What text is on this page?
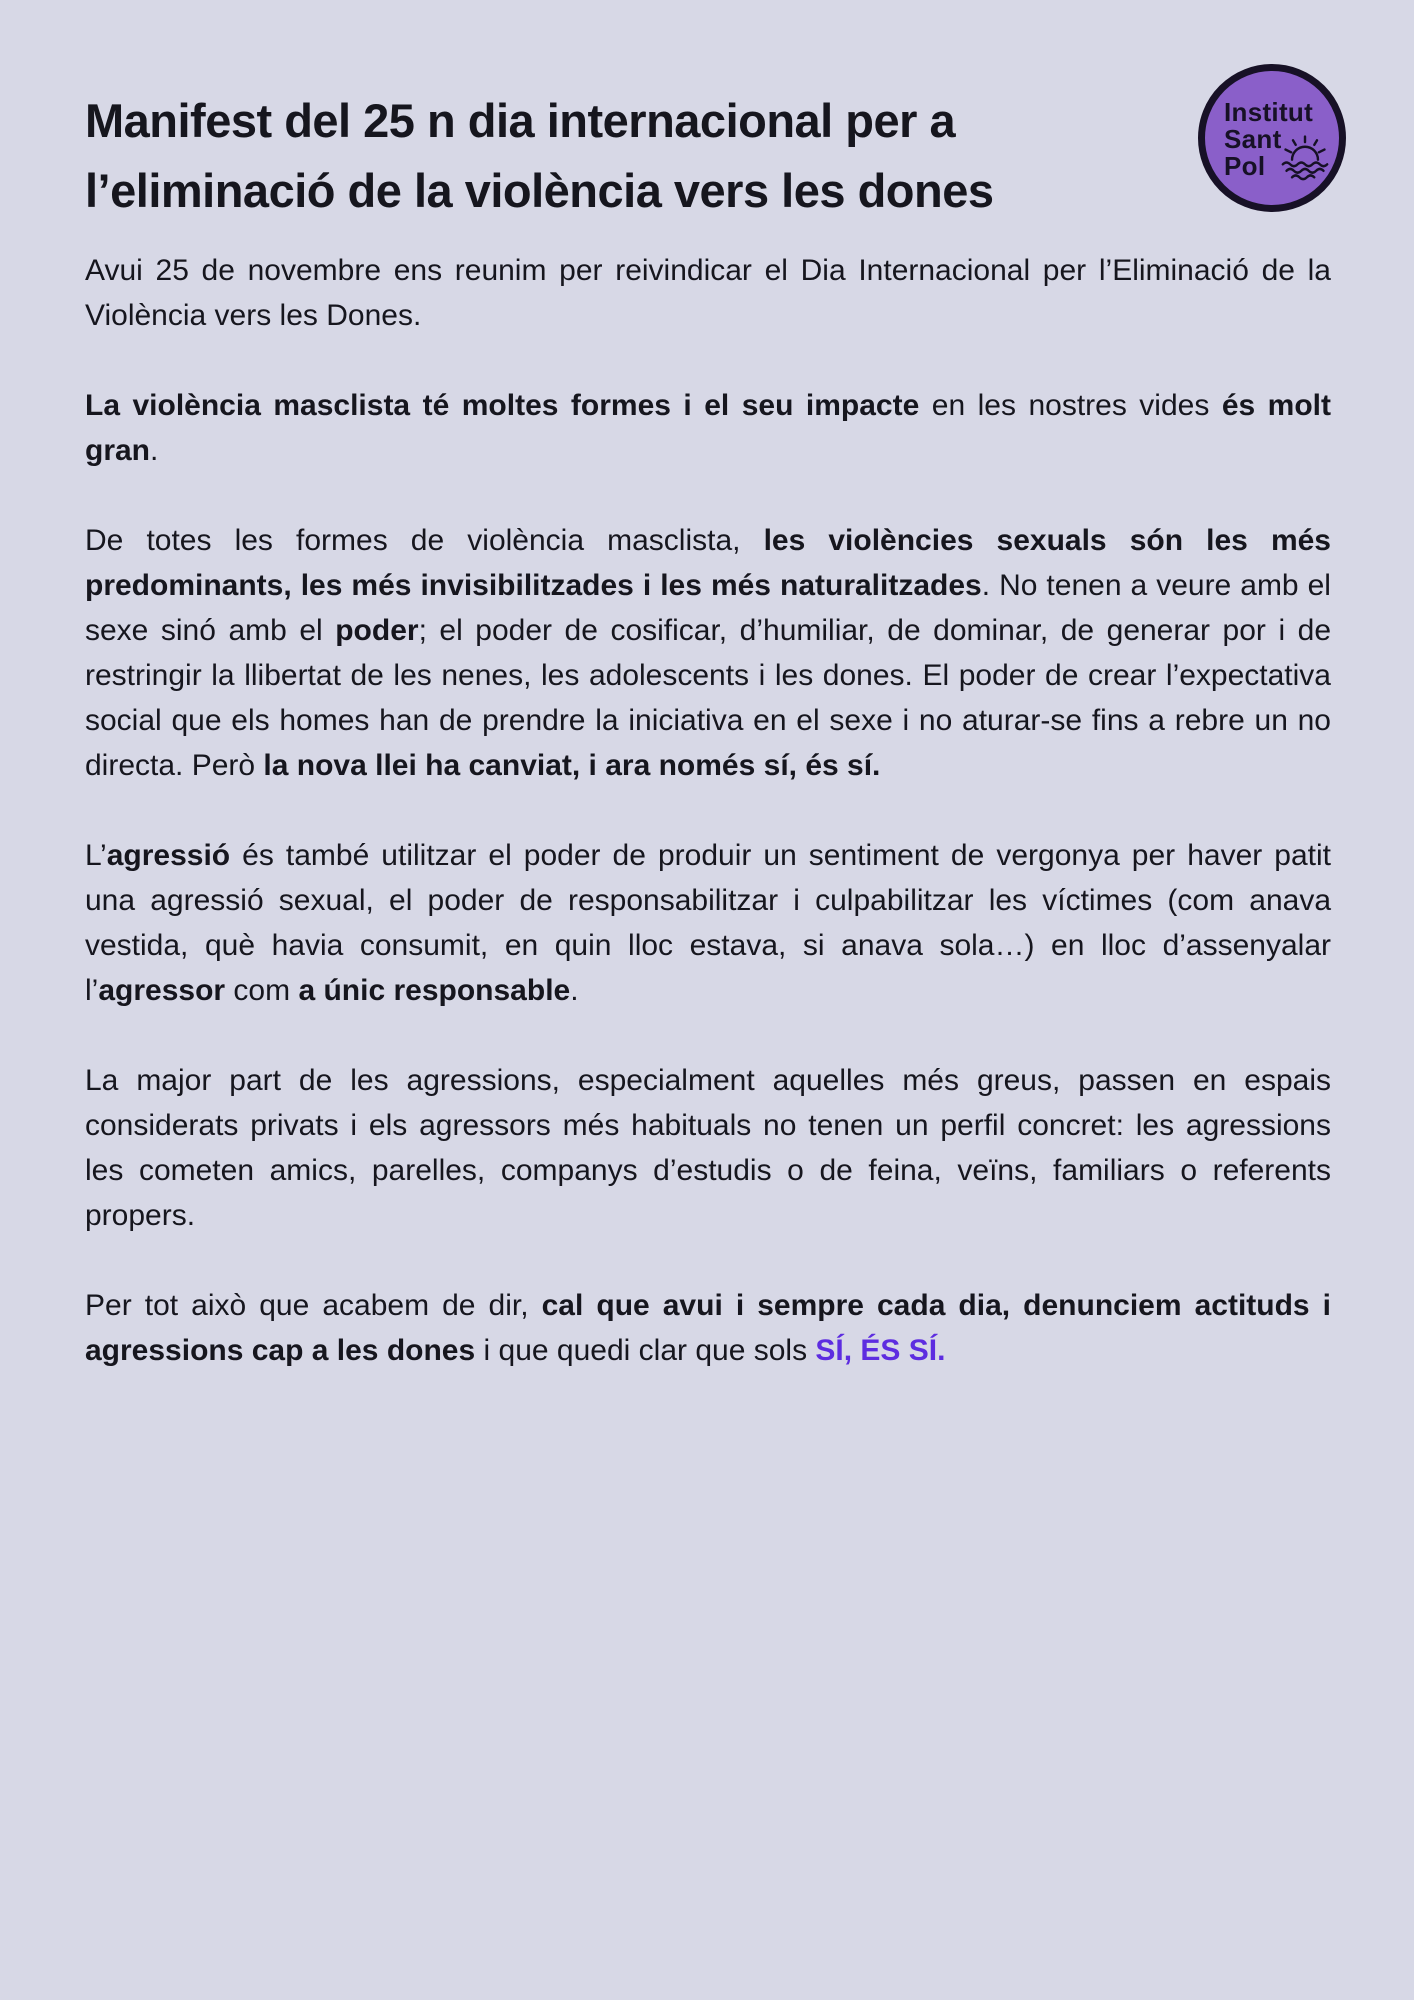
Manifest del 25 n dia internacional per a
l’eliminació de la violència vers les dones
Institut
Sant
Pol

Avui 25 de novembre ens reunim per reivindicar el Dia Internacional per l’Eliminació de la Violència vers les Dones.

La violència masclista té moltes formes i el seu impacte en les nostres vides és molt gran.

De totes les formes de violència masclista, les violències sexuals són les més predominants, les més invisibilitzades i les més naturalitzades. No tenen a veure amb el sexe sinó amb el poder; el poder de cosificar, d’humiliar, de dominar, de generar por i de restringir la llibertat de les nenes, les adolescents i les dones. El poder de crear l’expectativa social que els homes han de prendre la iniciativa en el sexe i no aturar-se fins a rebre un no directa. Però la nova llei ha canviat, i ara només sí, és sí.

L’agressió és també utilitzar el poder de produir un sentiment de vergonya per haver patit una agressió sexual, el poder de responsabilitzar i culpabilitzar les víctimes (com anava vestida, què havia consumit, en quin lloc estava, si anava sola…) en lloc d’assenyalar l’agressor com a únic responsable.

La major part de les agressions, especialment aquelles més greus, passen en espais considerats privats i els agressors més habituals no tenen un perfil concret: les agressions les cometen amics, parelles, companys d’estudis o de feina, veïns, familiars o referents propers.

Per tot això que acabem de dir, cal que avui i sempre cada dia, denunciem actituds i agressions cap a les dones i que quedi clar que sols SÍ, ÉS SÍ.
